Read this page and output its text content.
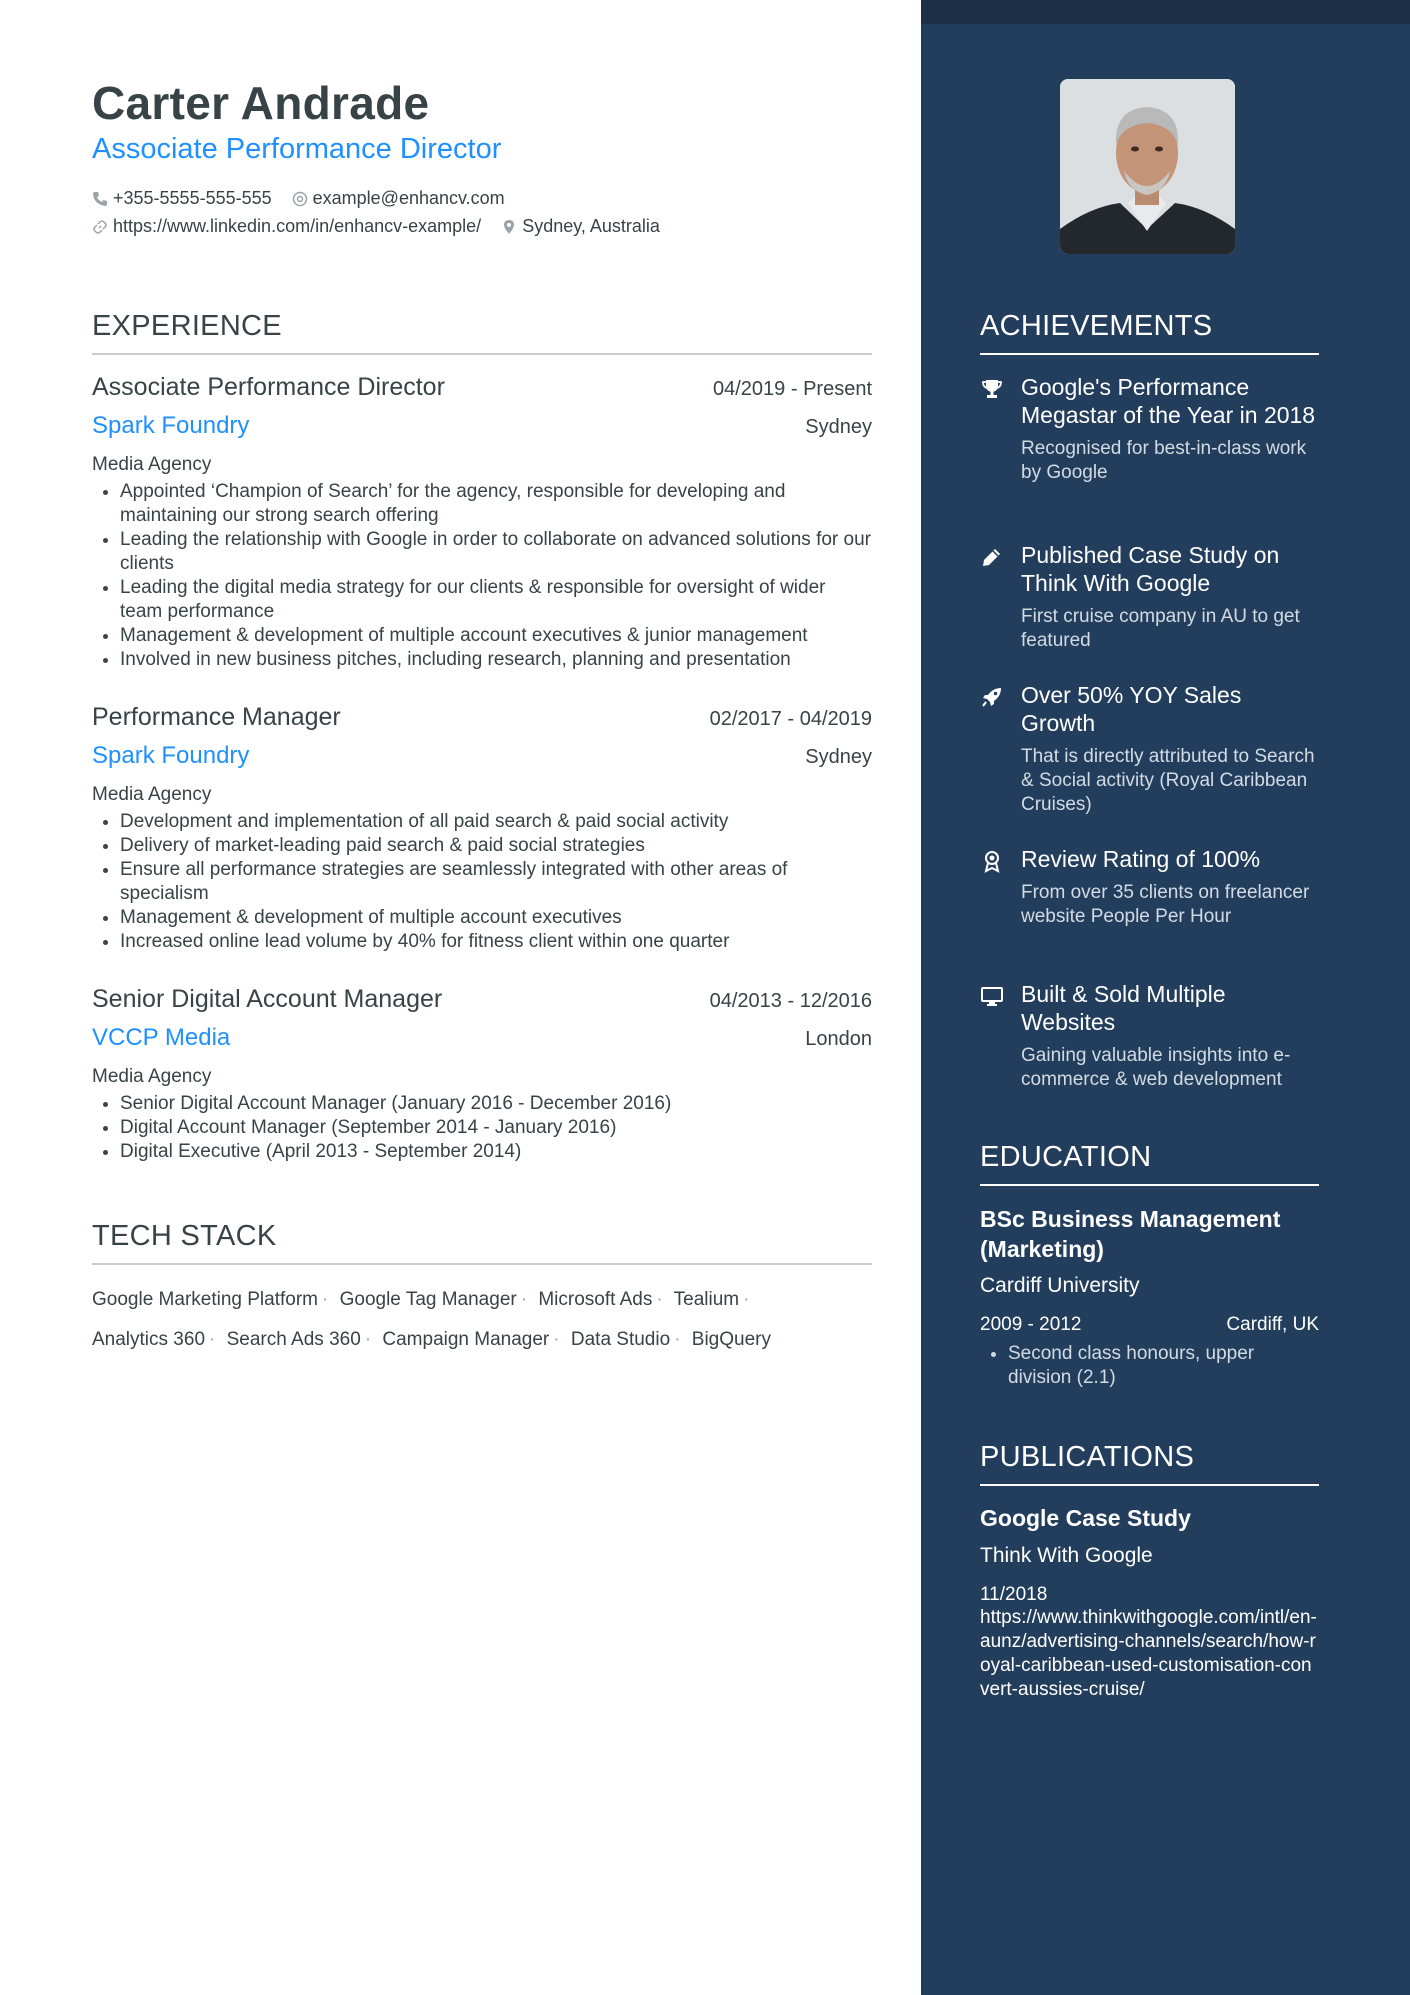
Carter Andrade
Associate Performance Director
+355-5555-555-555 example@enhancv.com
https://www.linkedin.com/in/enhancv-example/ Sydney, Australia
EXPERIENCE
Associate Performance Director	04/2019 - Present
Spark Foundry	Sydney
Media Agency
• Appointed ‘Champion of Search’ for the agency, responsible for developing and maintaining our strong search offering
• Leading the relationship with Google in order to collaborate on advanced solutions for our clients
• Leading the digital media strategy for our clients & responsible for oversight of wider team performance
• Management & development of multiple account executives & junior management
• Involved in new business pitches, including research, planning and presentation
Performance Manager	02/2017 - 04/2019
Spark Foundry	Sydney
Media Agency
• Development and implementation of all paid search & paid social activity
• Delivery of market-leading paid search & paid social strategies
• Ensure all performance strategies are seamlessly integrated with other areas of specialism
• Management & development of multiple account executives
• Increased online lead volume by 40% for fitness client within one quarter
Senior Digital Account Manager	04/2013 - 12/2016
VCCP Media	London
Media Agency
• Senior Digital Account Manager (January 2016 - December 2016)
• Digital Account Manager (September 2014 - January 2016)
• Digital Executive (April 2013 - September 2014)
TECH STACK
Google Marketing Platform · Google Tag Manager · Microsoft Ads · Tealium ·
Analytics 360 · Search Ads 360 · Campaign Manager · Data Studio · BigQuery
ACHIEVEMENTS
Google's Performance Megastar of the Year in 2018
Recognised for best-in-class work by Google
Published Case Study on Think With Google
First cruise company in AU to get featured
Over 50% YOY Sales Growth
That is directly attributed to Search & Social activity (Royal Caribbean Cruises)
Review Rating of 100%
From over 35 clients on freelancer website People Per Hour
Built & Sold Multiple Websites
Gaining valuable insights into e-commerce & web development
EDUCATION
BSc Business Management (Marketing)
Cardiff University
2009 - 2012	Cardiff, UK
• Second class honours, upper division (2.1)
PUBLICATIONS
Google Case Study
Think With Google
11/2018
https://www.thinkwithgoogle.com/intl/en-aunz/advertising-channels/search/how-royal-caribbean-used-customisation-convert-aussies-cruise/
